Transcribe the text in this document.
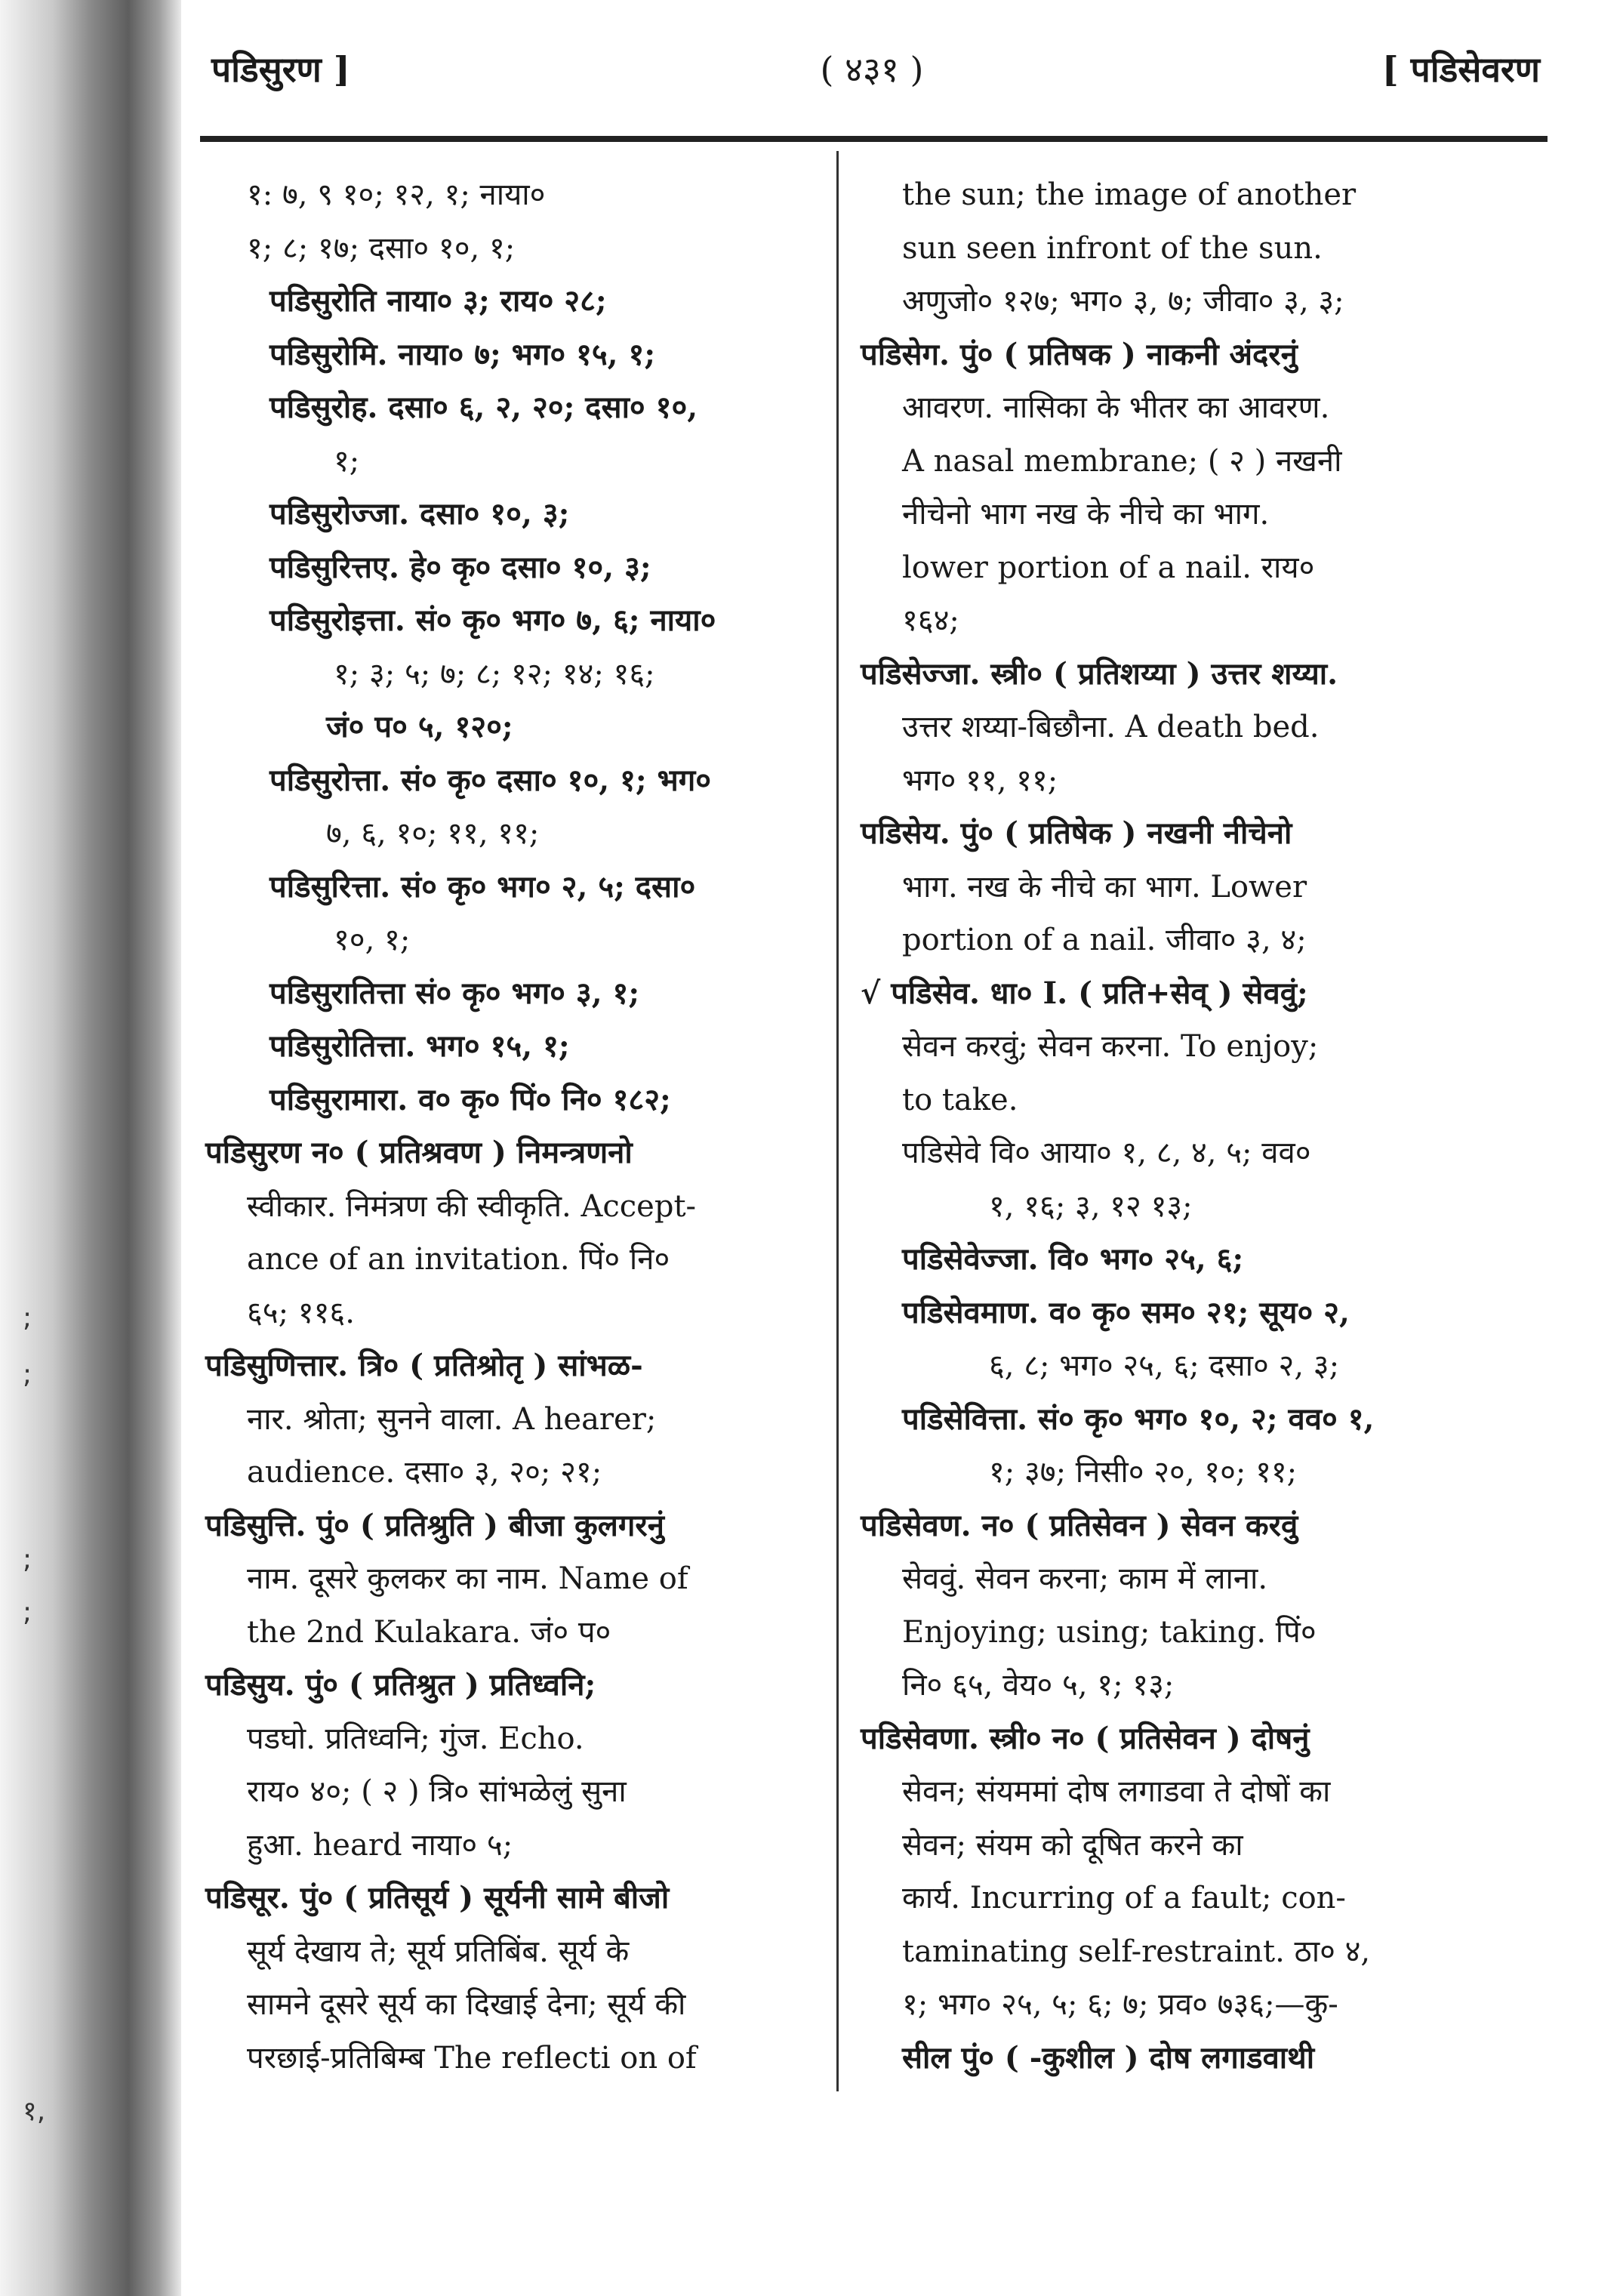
;
;
;
;
१,
पडिसुरण ]	( ४३१ )	[ पडिसेवरण
१: ७, ९ १०; १२, १; नाया०
१; ८; १७; दसा० १०, १;
पडिसुरोति नाया० ३; राय० २८;
पडिसुरोमि. नाया० ७; भग० १५, १;
पडिसुरोह. दसा० ६, २, २०; दसा० १०,
१;
पडिसुरोज्जा. दसा० १०, ३;
पडिसुरित्तए. हे० कृ० दसा० १०, ३;
पडिसुरोइत्ता. सं० कृ० भग० ७, ६; नाया०
१; ३; ५; ७; ८; १२; १४; १६;
जं० प० ५, १२०;
पडिसुरोत्ता. सं० कृ० दसा० १०, १; भग०
७, ६, १०; ११, ११;
पडिसुरित्ता. सं० कृ० भग० २, ५; दसा०
१०, १;
पडिसुरातित्ता सं० कृ० भग० ३, १;
पडिसुरोतित्ता. भग० १५, १;
पडिसुरामारा. व० कृ० पिं० नि० १८२;
पडिसुरण न० ( प्रतिश्रवण ) निमन्त्रणनो
स्वीकार. निमंत्रण की स्वीकृति. Accept-
ance of an invitation. पिं० नि०
६५; ११६.
पडिसुणित्तार. त्रि० ( प्रतिश्रोतृ ) सांभळ-
नार. श्रोता; सुनने वाला. A hearer;
audience. दसा० ३, २०; २१;
पडिसुत्ति. पुं० ( प्रतिश्रुति ) बीजा कुलगरनुं
नाम. दूसरे कुलकर का नाम. Name of
the 2nd Kulakara. जं० प०
पडिसुय. पुं० ( प्रतिश्रुत ) प्रतिध्वनि;
पडघो. प्रतिध्वनि; गुंज. Echo.
राय० ४०; ( २ ) त्रि० सांभळेलुं सुना
हुआ. heard नाया० ५;
पडिसूर. पुं० ( प्रतिसूर्य ) सूर्यनी सामे बीजो
सूर्य देखाय ते; सूर्य प्रतिबिंब. सूर्य के
सामने दूसरे सूर्य का दिखाई देना; सूर्य की
परछाई-प्रतिबिम्ब The reflecti on of
the sun; the image of another
sun seen infront of the sun.
अणुजो० १२७; भग० ३, ७; जीवा० ३, ३;
पडिसेग. पुं० ( प्रतिषक ) नाकनी अंदरनुं
आवरण. नासिका के भीतर का आवरण.
A nasal membrane; ( २ ) नखनी
नीचेनो भाग नख के नीचे का भाग.
lower portion of a nail. राय०
१६४;
पडिसेज्जा. स्त्री० ( प्रतिशय्या ) उत्तर शय्या.
उत्तर शय्या-बिछौना. A death bed.
भग० ११, ११;
पडिसेय. पुं० ( प्रतिषेक ) नखनी नीचेनो
भाग. नख के नीचे का भाग. Lower
portion of a nail. जीवा० ३, ४;
√ पडिसेव. धा० I. ( प्रति+सेव् ) सेववुं;
सेवन करवुं; सेवन करना. To enjoy;
to take.
पडिसेवे वि० आया० १, ८, ४, ५; वव०
१, १६; ३, १२ १३;
पडिसेवेज्जा. वि० भग० २५, ६;
पडिसेवमाण. व० कृ० सम० २१; सूय० २,
६, ८; भग० २५, ६; दसा० २, ३;
पडिसेवित्ता. सं० कृ० भग० १०, २; वव० १,
१; ३७; निसी० २०, १०; ११;
पडिसेवण. न० ( प्रतिसेवन ) सेवन करवुं
सेववुं. सेवन करना; काम में लाना.
Enjoying; using; taking. पिं०
नि० ६५, वेय० ५, १; १३;
पडिसेवणा. स्त्री० न० ( प्रतिसेवन ) दोषनुं
सेवन; संयममां दोष लगाडवा ते दोषों का
सेवन; संयम को दूषित करने का
कार्य. Incurring of a fault; con-
taminating self-restraint. ठा० ४,
१; भग० २५, ५; ६; ७; प्रव० ७३६;—कु-
सील पुं० ( -कुशील ) दोष लगाडवाथी
